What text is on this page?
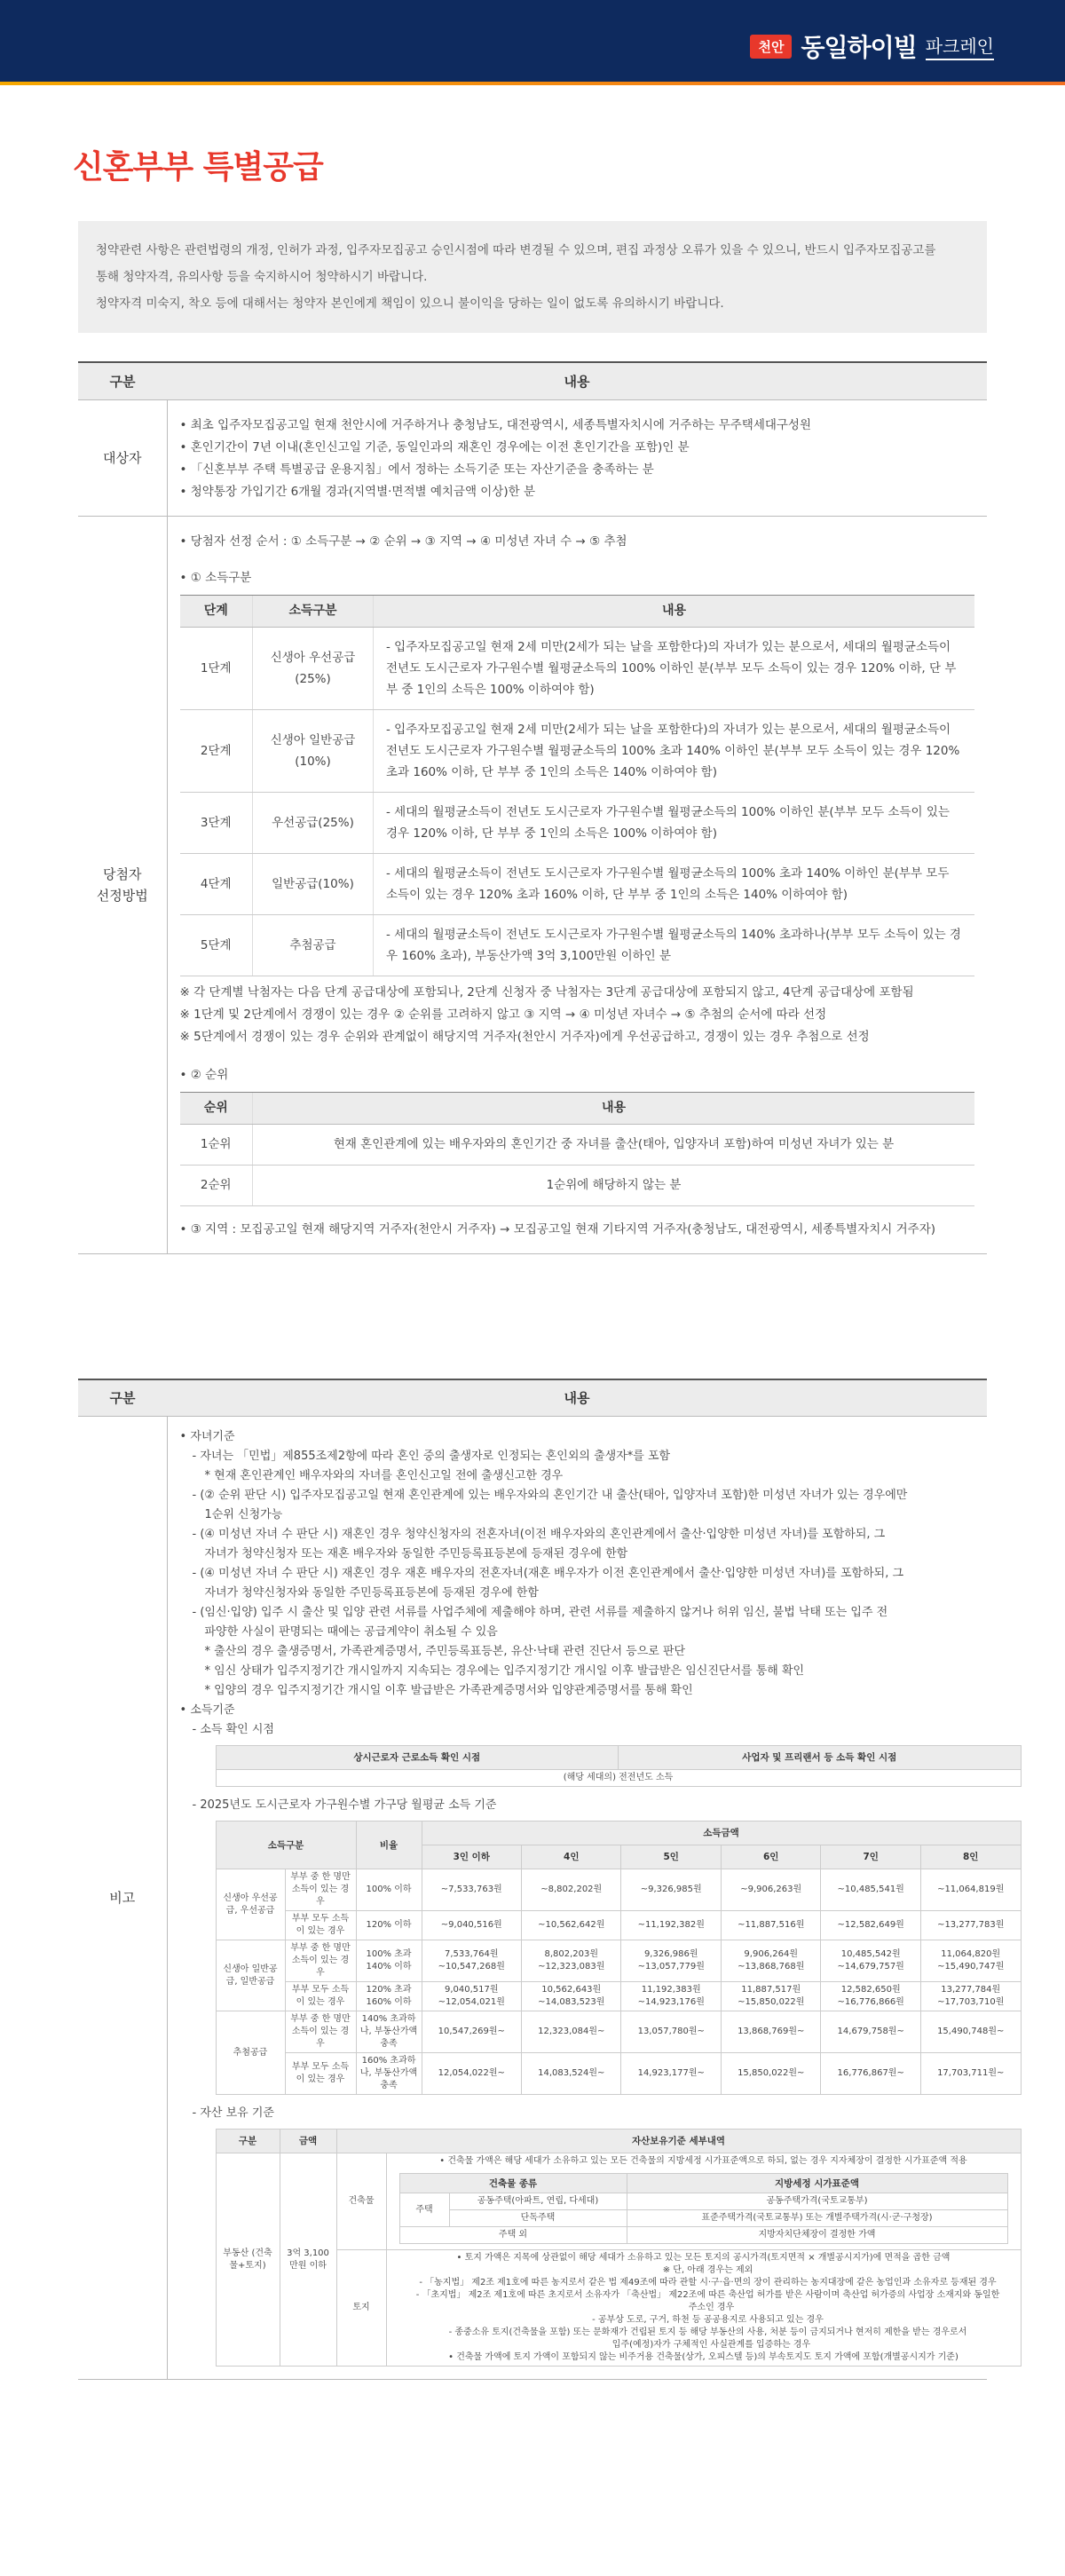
천안 동일하이빌 파크레인
신혼부부 특별공급
청약관련 사항은 관련법령의 개정, 인허가 과정, 입주자모집공고 승인시점에 따라 변경될 수 있으며, 편집 과정상 오류가 있을 수 있으니, 반드시 입주자모집공고를
통해 청약자격, 유의사항 등을 숙지하시어 청약하시기 바랍니다.
청약자격 미숙지, 착오 등에 대해서는 청약자 본인에게 책임이 있으니 불이익을 당하는 일이 없도록 유의하시기 바랍니다.
구분	내용
대상자	
• 최초 입주자모집공고일 현재 천안시에 거주하거나 충청남도, 대전광역시, 세종특별자치시에 거주하는 무주택세대구성원
• 혼인기간이 7년 이내(혼인신고일 기준, 동일인과의 재혼인 경우에는 이전 혼인기간을 포함)인 분
• 「신혼부부 주택 특별공급 운용지침」에서 정하는 소득기준 또는 자산기준을 충족하는 분
• 청약통장 가입기간 6개월 경과(지역별·면적별 예치금액 이상)한 분

당첨자
선정방법

• 당첨자 선정 순서 : ① 소득구분 → ② 순위 → ③ 지역 → ④ 미성년 자녀 수 → ⑤ 추첨
• ① 소득구분
단계	소득구분	내용
1단계	신생아 우선공급 (25%)	- 입주자모집공고일 현재 2세 미만(2세가 되는 날을 포함한다)의 자녀가 있는 분으로서, 세대의 월평균소득이 전년도 도시근로자 가구원수별 월평균소득의 100% 이하인 분(부부 모두 소득이 있는 경우 120% 이하, 단 부부 중 1인의 소득은 100% 이하여야 함)
2단계	신생아 일반공급 (10%)	- 입주자모집공고일 현재 2세 미만(2세가 되는 날을 포함한다)의 자녀가 있는 분으로서, 세대의 월평균소득이 전년도 도시근로자 가구원수별 월평균소득의 100% 초과 140% 이하인 분(부부 모두 소득이 있는 경우 120% 초과 160% 이하, 단 부부 중 1인의 소득은 140% 이하여야 함)
3단계	우선공급(25%)	- 세대의 월평균소득이 전년도 도시근로자 가구원수별 월평균소득의 100% 이하인 분(부부 모두 소득이 있는 경우 120% 이하, 단 부부 중 1인의 소득은 100% 이하여야 함)
4단계	일반공급(10%)	- 세대의 월평균소득이 전년도 도시근로자 가구원수별 월평균소득의 100% 초과 140% 이하인 분(부부 모두 소득이 있는 경우 120% 초과 160% 이하, 단 부부 중 1인의 소득은 140% 이하여야 함)
5단계	추첨공급	- 세대의 월평균소득이 전년도 도시근로자 가구원수별 월평균소득의 140% 초과하나(부부 모두 소득이 있는 경우 160% 초과), 부동산가액 3억 3,100만원 이하인 분
※ 각 단계별 낙첨자는 다음 단계 공급대상에 포함되나, 2단계 신청자 중 낙첨자는 3단계 공급대상에 포함되지 않고, 4단계 공급대상에 포함됨
※ 1단계 및 2단계에서 경쟁이 있는 경우 ② 순위를 고려하지 않고 ③ 지역 → ④ 미성년 자녀수 → ⑤ 추첨의 순서에 따라 선정
※ 5단계에서 경쟁이 있는 경우 순위와 관계없이 해당지역 거주자(천안시 거주자)에게 우선공급하고, 경쟁이 있는 경우 추첨으로 선정
• ② 순위
순위	내용
1순위	현재 혼인관계에 있는 배우자와의 혼인기간 중 자녀를 출산(태아, 입양자녀 포함)하여 미성년 자녀가 있는 분
2순위	1순위에 해당하지 않는 분
• ③ 지역 : 모집공고일 현재 해당지역 거주자(천안시 거주자) → 모집공고일 현재 기타지역 거주자(충청남도, 대전광역시, 세종특별자치시 거주자)
구분	내용
비고	
• 자녀기준
- 자녀는 「민법」제855조제2항에 따라 혼인 중의 출생자로 인정되는 혼인외의 출생자*를 포함
* 현재 혼인관계인 배우자와의 자녀를 혼인신고일 전에 출생신고한 경우
- (② 순위 판단 시) 입주자모집공고일 현재 혼인관계에 있는 배우자와의 혼인기간 내 출산(태아, 입양자녀 포함)한 미성년 자녀가 있는 경우에만
1순위 신청가능
- (④ 미성년 자녀 수 판단 시) 재혼인 경우 청약신청자의 전혼자녀(이전 배우자와의 혼인관계에서 출산·입양한 미성년 자녀)를 포함하되, 그
자녀가 청약신청자 또는 재혼 배우자와 동일한 주민등록표등본에 등재된 경우에 한함
- (④ 미성년 자녀 수 판단 시) 재혼인 경우 재혼 배우자의 전혼자녀(재혼 배우자가 이전 혼인관계에서 출산·입양한 미성년 자녀)를 포함하되, 그
자녀가 청약신청자와 동일한 주민등록표등본에 등재된 경우에 한함
- (임신·입양) 입주 시 출산 및 입양 관련 서류를 사업주체에 제출해야 하며, 관련 서류를 제출하지 않거나 허위 임신, 불법 낙태 또는 입주 전
파양한 사실이 판명되는 때에는 공급계약이 취소될 수 있음
* 출산의 경우 출생증명서, 가족관계증명서, 주민등록표등본, 유산·낙태 관련 진단서 등으로 판단
* 임신 상태가 입주지정기간 개시일까지 지속되는 경우에는 입주지정기간 개시일 이후 발급받은 임신진단서를 통해 확인
* 입양의 경우 입주지정기간 개시일 이후 발급받은 가족관계증명서와 입양관계증명서를 통해 확인
• 소득기준
- 소득 확인 시점
상시근로자 근로소득 확인 시점	사업자 및 프리랜서 등 소득 확인 시점
(해당 세대의) 전전년도 소득
- 2025년도 도시근로자 가구원수별 가구당 월평균 소득 기준
소득구분	비율	소득금액
3인 이하	4인	5인	6인	7인	8인
신생아 우선공급, 우선공급	부부 중 한 명만 소득이 있는 경우	100% 이하	~7,533,763원	~8,802,202원	~9,326,985원	~9,906,263원	~10,485,541원	~11,064,819원
부부 모두 소득이 있는 경우	120% 이하	~9,040,516원	~10,562,642원	~11,192,382원	~11,887,516원	~12,582,649원	~13,277,783원
신생아 일반공급, 일반공급	부부 중 한 명만 소득이 있는 경우	100% 초과 140% 이하	7,533,764원 ~10,547,268원	8,802,203원 ~12,323,083원	9,326,986원 ~13,057,779원	9,906,264원 ~13,868,768원	10,485,542원 ~14,679,757원	11,064,820원 ~15,490,747원
부부 모두 소득이 있는 경우	120% 초과 160% 이하	9,040,517원 ~12,054,021원	10,562,643원 ~14,083,523원	11,192,383원 ~14,923,176원	11,887,517원 ~15,850,022원	12,582,650원 ~16,776,866원	13,277,784원 ~17,703,710원
추첨공급	부부 중 한 명만 소득이 있는 경우	140% 초과하나, 부동산가액 충족	10,547,269원~	12,323,084원~	13,057,780원~	13,868,769원~	14,679,758원~	15,490,748원~
부부 모두 소득이 있는 경우	160% 초과하나, 부동산가액 충족	12,054,022원~	14,083,524원~	14,923,177원~	15,850,022원~	16,776,867원~	17,703,711원~
- 자산 보유 기준
구분	금액	자산보유기준 세부내역
부동산 (건축물+토지)	3억 3,100만원 이하	건축물	
• 건축물 가액은 해당 세대가 소유하고 있는 모든 건축물의 지방세정 시가표준액으로 하되, 없는 경우 지자체장이 결정한 시가표준액 적용
건축물 종류	지방세정 시가표준액
주택	공동주택(아파트, 연립, 다세대)	공동주택가격(국토교통부)
단독주택	표준주택가격(국토교통부) 또는 개별주택가격(시·군·구청장)
주택 외	지방자치단체장이 결정한 가액

토지	
• 토지 가액은 지목에 상관없이 해당 세대가 소유하고 있는 모든 토지의 공시가격(토지면적 × 개별공시지가)에 면적을 곱한 금액
※ 단, 아래 경우는 제외
- 「농지법」 제2조 제1호에 따른 농지로서 같은 법 제49조에 따라 관할 시·구·읍·면의 장이 관리하는 농지대장에 같은 농업인과 소유자로 등재된 경우
- 「초지법」 제2조 제1호에 따른 초지로서 소유자가 「축산법」 제22조에 따른 축산업 허가를 받은 사람이며 축산업 허가증의 사업장 소재지와 동일한
주소인 경우
- 공부상 도로, 구거, 하천 등 공공용지로 사용되고 있는 경우
- 종중소유 토지(건축물을 포함) 또는 문화재가 건립된 토지 등 해당 부동산의 사용, 처분 등이 금지되거나 현저히 제한을 받는 경우로서
입주(예정)자가 구체적인 사실관계를 입증하는 경우
• 건축물 가액에 토지 가액이 포함되지 않는 비주거용 건축물(상가, 오피스텔 등)의 부속토지도 토지 가액에 포함(개별공시지가 기준)
